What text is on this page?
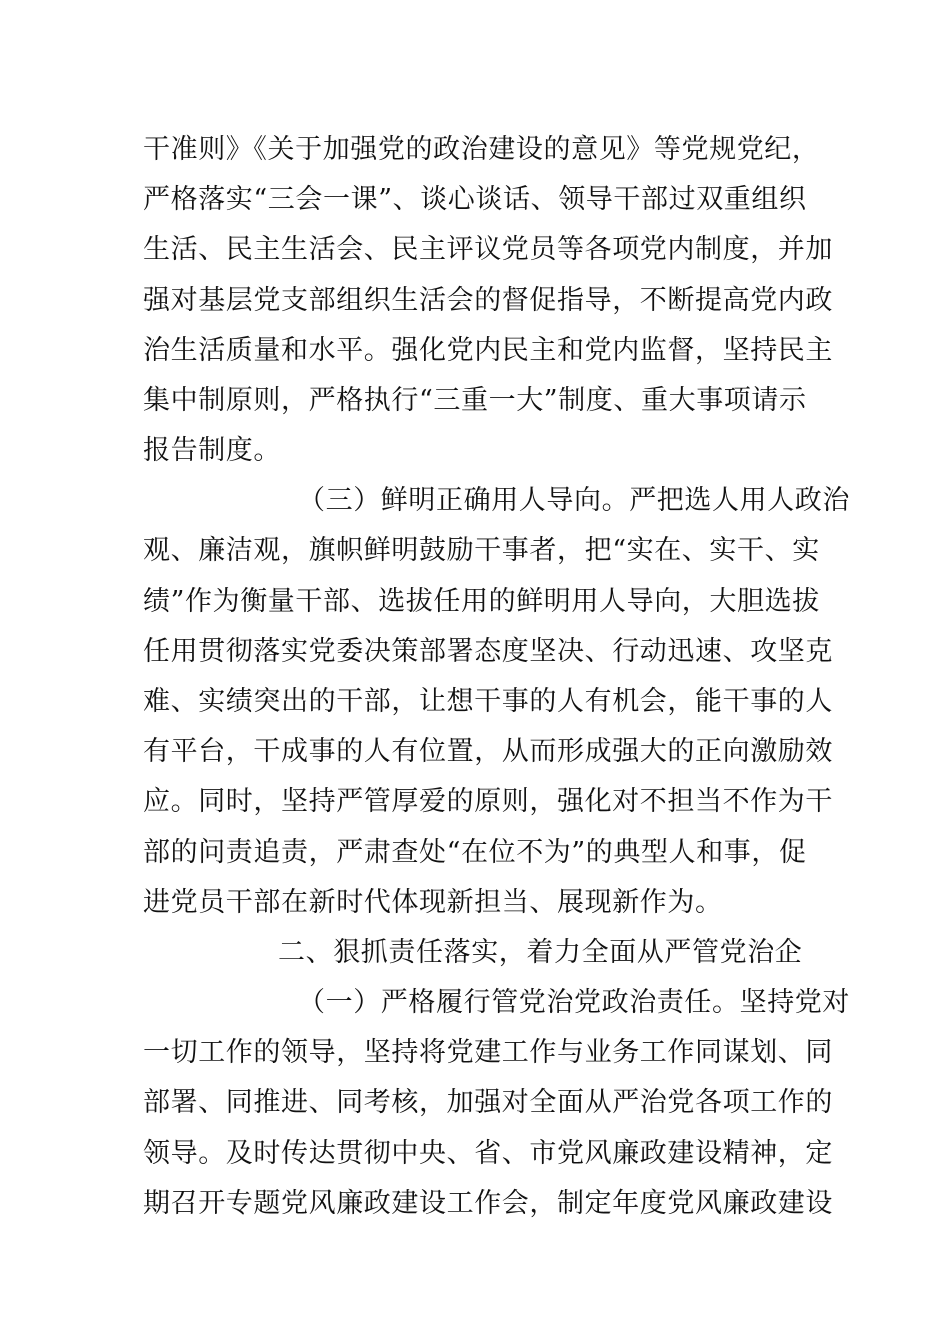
干准则》《关于加强党的政治建设的意见》等党规党纪，
严格落实“三会一课”、谈心谈话、领导干部过双重组织
生活、民主生活会、民主评议党员等各项党内制度，并加
强对基层党支部组织生活会的督促指导，不断提高党内政
治生活质量和水平。强化党内民主和党内监督，坚持民主
集中制原则，严格执行“三重一大”制度、重大事项请示
报告制度。
（三）鲜明正确用人导向。严把选人用人政治
观、廉洁观，旗帜鲜明鼓励干事者，把“实在、实干、实
绩”作为衡量干部、选拔任用的鲜明用人导向，大胆选拔
任用贯彻落实党委决策部署态度坚决、行动迅速、攻坚克
难、实绩突出的干部，让想干事的人有机会，能干事的人
有平台，干成事的人有位置，从而形成强大的正向激励效
应。同时，坚持严管厚爱的原则，强化对不担当不作为干
部的问责追责，严肃查处“在位不为”的典型人和事，促
进党员干部在新时代体现新担当、展现新作为。
二、狠抓责任落实，着力全面从严管党治企
（一）严格履行管党治党政治责任。坚持党对
一切工作的领导，坚持将党建工作与业务工作同谋划、同
部署、同推进、同考核，加强对全面从严治党各项工作的
领导。及时传达贯彻中央、省、市党风廉政建设精神，定
期召开专题党风廉政建设工作会，制定年度党风廉政建设
